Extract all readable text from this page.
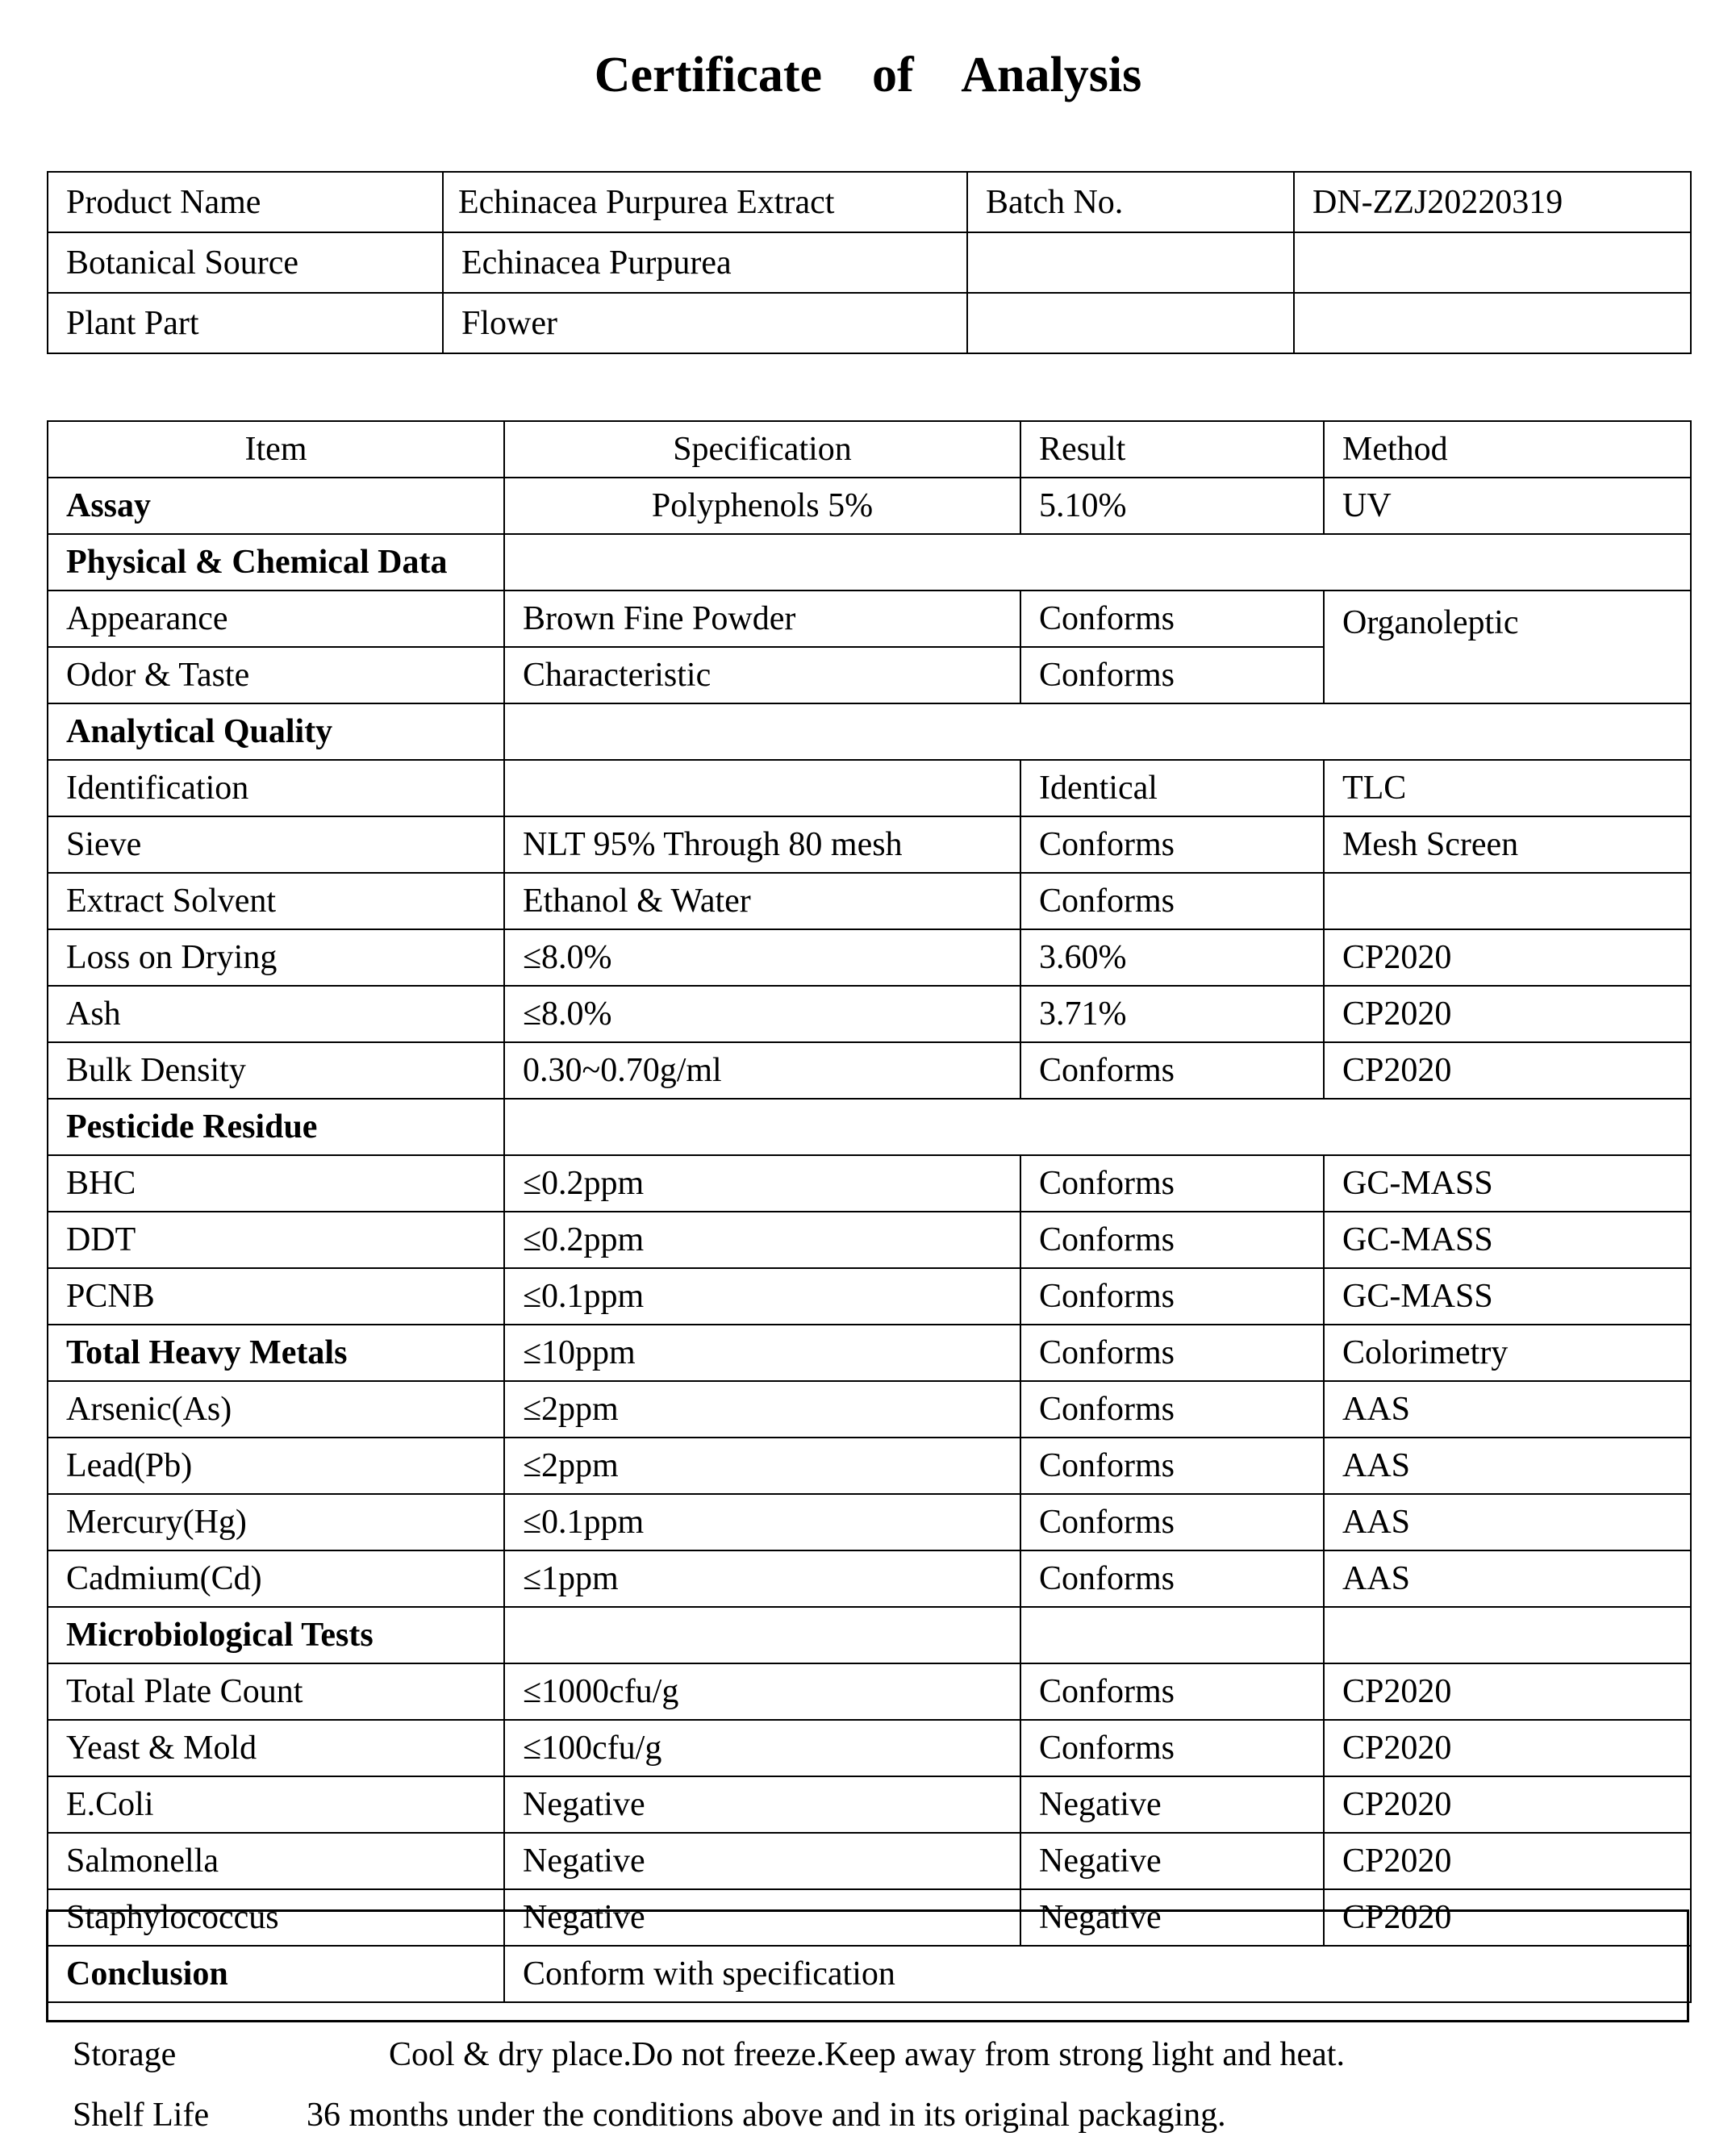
Certificate    of    Analysis
Product Name	Echinacea Purpurea Extract	Batch No.	DN-ZZJ20220319
Botanical Source	Echinacea Purpurea		
Plant Part	Flower		
Item	Specification	Result	Method
Assay	Polyphenols 5%	5.10%	UV
Physical & Chemical Data			
Appearance	Brown Fine Powder	Conforms	Organoleptic
Odor & Taste	Characteristic	Conforms	
Analytical Quality			
Identification		Identical	TLC
Sieve	NLT 95% Through 80 mesh	Conforms	Mesh Screen
Extract Solvent	Ethanol & Water	Conforms	
Loss on Drying	≤8.0%	3.60%	CP2020
Ash	≤8.0%	3.71%	CP2020
Bulk Density	0.30~0.70g/ml	Conforms	CP2020
Pesticide Residue			
BHC	≤0.2ppm	Conforms	GC-MASS
DDT	≤0.2ppm	Conforms	GC-MASS
PCNB	≤0.1ppm	Conforms	GC-MASS
Total Heavy Metals	≤10ppm	Conforms	Colorimetry
Arsenic(As)	≤2ppm	Conforms	AAS
Lead(Pb)	≤2ppm	Conforms	AAS
Mercury(Hg)	≤0.1ppm	Conforms	AAS
Cadmium(Cd)	≤1ppm	Conforms	AAS
Microbiological Tests			
Total Plate Count	≤1000cfu/g	Conforms	CP2020
Yeast & Mold	≤100cfu/g	Conforms	CP2020
E.Coli	Negative	Negative	CP2020
Salmonella	Negative	Negative	CP2020
Staphylococcus	Negative	Negative	CP2020
Conclusion	Conform with specification		
Storage	Cool & dry place.Do not freeze.Keep away from strong light and heat.
Shelf Life	36 months under the conditions above and in its original packaging.
